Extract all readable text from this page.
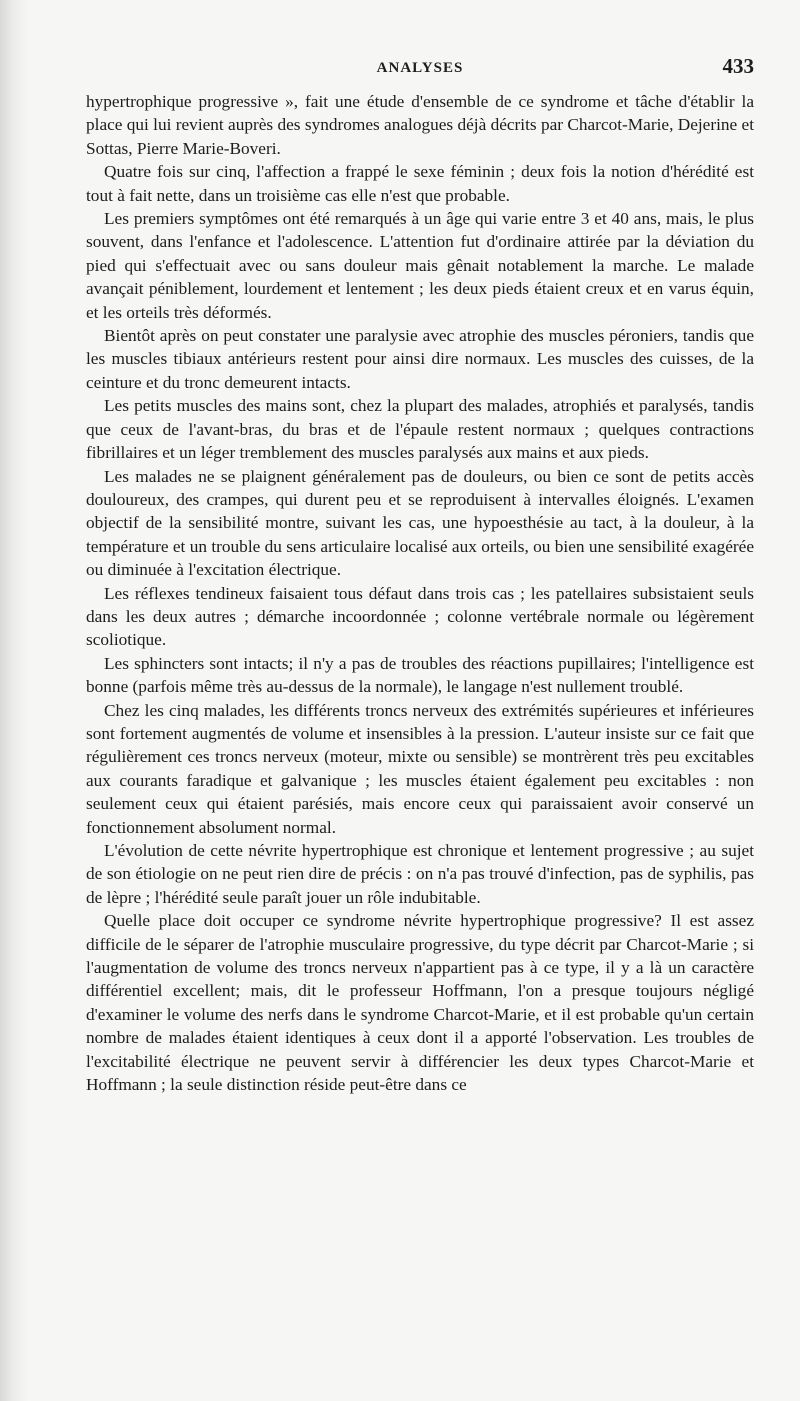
ANALYSES	433

hypertrophique progressive », fait une étude d'ensemble de ce syndrome et tâche d'établir la place qui lui revient auprès des syndromes analogues déjà décrits par Charcot-Marie, Dejerine et Sottas, Pierre Marie-Boveri.

Quatre fois sur cinq, l'affection a frappé le sexe féminin ; deux fois la notion d'hérédité est tout à fait nette, dans un troisième cas elle n'est que probable.

Les premiers symptômes ont été remarqués à un âge qui varie entre 3 et 40 ans, mais, le plus souvent, dans l'enfance et l'adolescence. L'attention fut d'ordinaire attirée par la déviation du pied qui s'effectuait avec ou sans douleur mais gênait notablement la marche. Le malade avançait péniblement, lourdement et lentement ; les deux pieds étaient creux et en varus équin, et les orteils très déformés.

Bientôt après on peut constater une paralysie avec atrophie des muscles péroniers, tandis que les muscles tibiaux antérieurs restent pour ainsi dire normaux. Les muscles des cuisses, de la ceinture et du tronc demeurent intacts.

Les petits muscles des mains sont, chez la plupart des malades, atrophiés et paralysés, tandis que ceux de l'avant-bras, du bras et de l'épaule restent normaux ; quelques contractions fibrillaires et un léger tremblement des muscles paralysés aux mains et aux pieds.

Les malades ne se plaignent généralement pas de douleurs, ou bien ce sont de petits accès douloureux, des crampes, qui durent peu et se reproduisent à intervalles éloignés. L'examen objectif de la sensibilité montre, suivant les cas, une hypoesthésie au tact, à la douleur, à la température et un trouble du sens articulaire localisé aux orteils, ou bien une sensibilité exagérée ou diminuée à l'excitation électrique.

Les réflexes tendineux faisaient tous défaut dans trois cas ; les patellaires subsistaient seuls dans les deux autres ; démarche incoordonnée ; colonne vertébrale normale ou légèrement scoliotique.

Les sphincters sont intacts; il n'y a pas de troubles des réactions pupillaires; l'intelligence est bonne (parfois même très au-dessus de la normale), le langage n'est nullement troublé.

Chez les cinq malades, les différents troncs nerveux des extrémités supérieures et inférieures sont fortement augmentés de volume et insensibles à la pression. L'auteur insiste sur ce fait que régulièrement ces troncs nerveux (moteur, mixte ou sensible) se montrèrent très peu excitables aux courants faradique et galvanique ; les muscles étaient également peu excitables : non seulement ceux qui étaient parésiés, mais encore ceux qui paraissaient avoir conservé un fonctionnement absolument normal.

L'évolution de cette névrite hypertrophique est chronique et lentement progressive ; au sujet de son étiologie on ne peut rien dire de précis : on n'a pas trouvé d'infection, pas de syphilis, pas de lèpre ; l'hérédité seule paraît jouer un rôle indubitable.

Quelle place doit occuper ce syndrome névrite hypertrophique progressive? Il est assez difficile de le séparer de l'atrophie musculaire progressive, du type décrit par Charcot-Marie ; si l'augmentation de volume des troncs nerveux n'appartient pas à ce type, il y a là un caractère différentiel excellent; mais, dit le professeur Hoffmann, l'on a presque toujours négligé d'examiner le volume des nerfs dans le syndrome Charcot-Marie, et il est probable qu'un certain nombre de malades étaient identiques à ceux dont il a apporté l'observation. Les troubles de l'excitabilité électrique ne peuvent servir à différencier les deux types Charcot-Marie et Hoffmann ; la seule distinction réside peut-être dans ce
